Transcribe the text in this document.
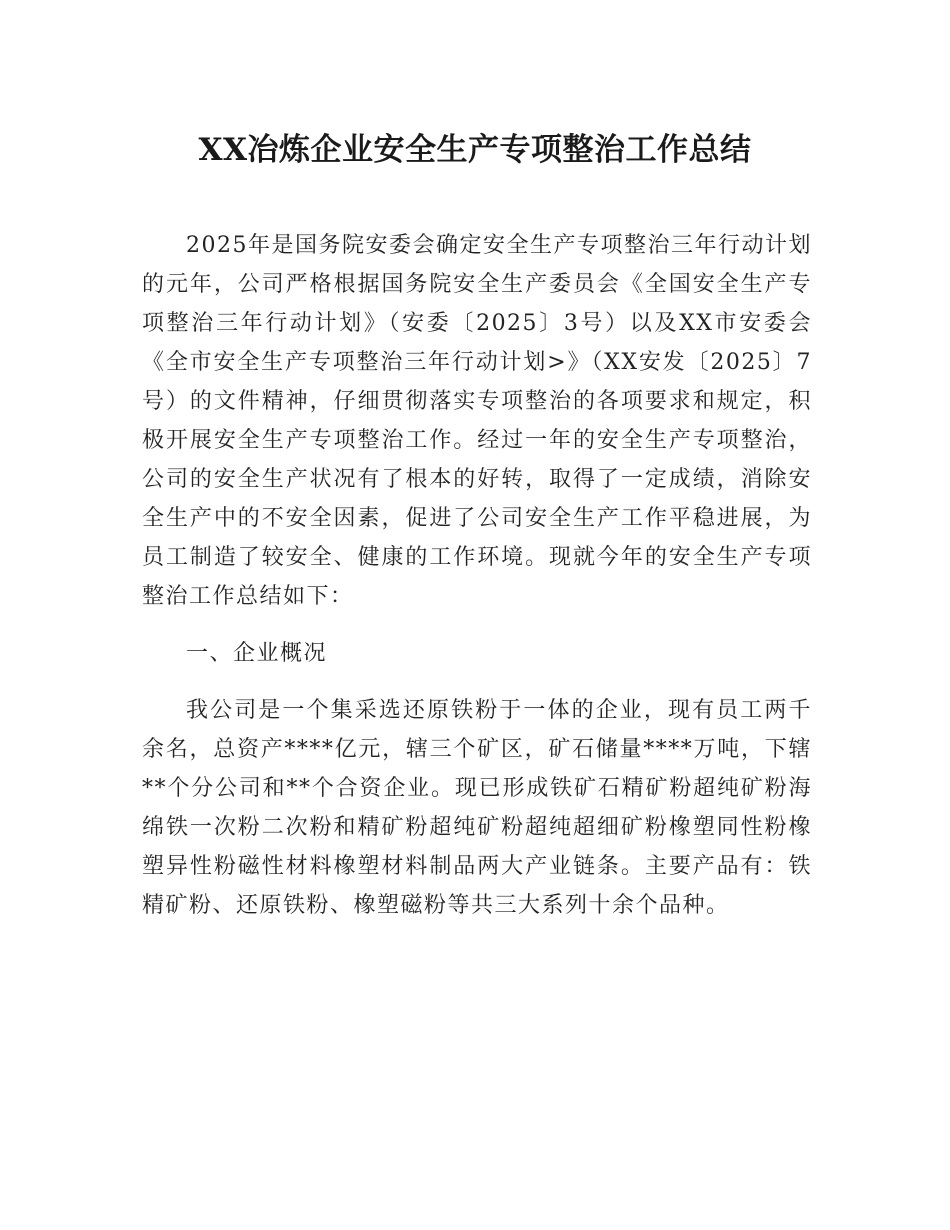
XX冶炼企业安全生产专项整治工作总结

2025年是国务院安委会确定安全生产专项整治三年行动计划的元年，公司严格根据国务院安全生产委员会《全国安全生产专项整治三年行动计划》（安委〔2025〕3号）以及XX市安委会《全市安全生产专项整治三年行动计划>》（XX安发〔2025〕7号）的文件精神，仔细贯彻落实专项整治的各项要求和规定，积极开展安全生产专项整治工作。经过一年的安全生产专项整治，公司的安全生产状况有了根本的好转，取得了一定成绩，消除安全生产中的不安全因素，促进了公司安全生产工作平稳进展，为员工制造了较安全、健康的工作环境。现就今年的安全生产专项整治工作总结如下：

一、企业概况

我公司是一个集采选还原铁粉于一体的企业，现有员工两千余名，总资产****亿元，辖三个矿区，矿石储量****万吨，下辖**个分公司和**个合资企业。现已形成铁矿石精矿粉超纯矿粉海绵铁一次粉二次粉和精矿粉超纯矿粉超纯超细矿粉橡塑同性粉橡塑异性粉磁性材料橡塑材料制品两大产业链条。主要产品有：铁精矿粉、还原铁粉、橡塑磁粉等共三大系列十余个品种。
